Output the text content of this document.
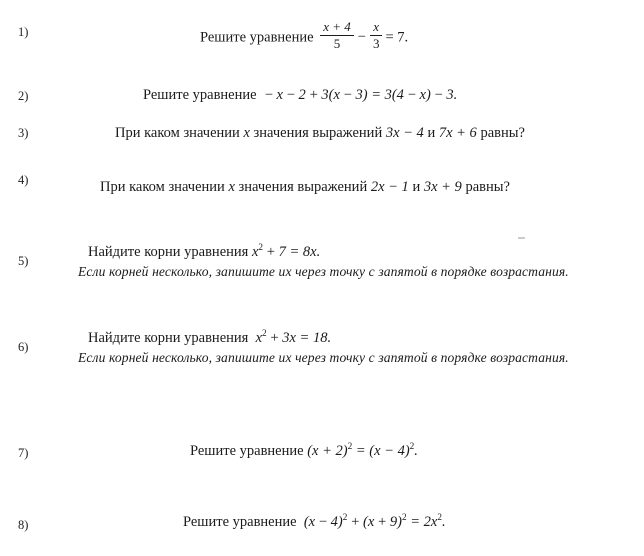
1)	Решите уравнение $\frac{x + 4}{5} - \frac{x}{3} = 7$.
2)	Решите уравнение − x − 2 + 3(x − 3) = 3(4 − x) − 3.
3)	При каком значении x значения выражений 3x − 4 и 7x + 6 равны?
4)	При каком значении x значения выражений 2x − 1 и 3x + 9 равны?
5)
Найдите корни уравнения $x^2 + 7 = 8x$.
Если корней несколько, запишите их через точку с запятой в порядке возрастания.
6)
Найдите корни уравнения $x^2 + 3x = 18$.
Если корней несколько, запишите их через точку с запятой в порядке возрастания.
7)	Решите уравнение $(x + 2)^2 = (x - 4)^2$.
8)	Решите уравнение $(x - 4)^2 + (x + 9)^2 = 2x^2$.
